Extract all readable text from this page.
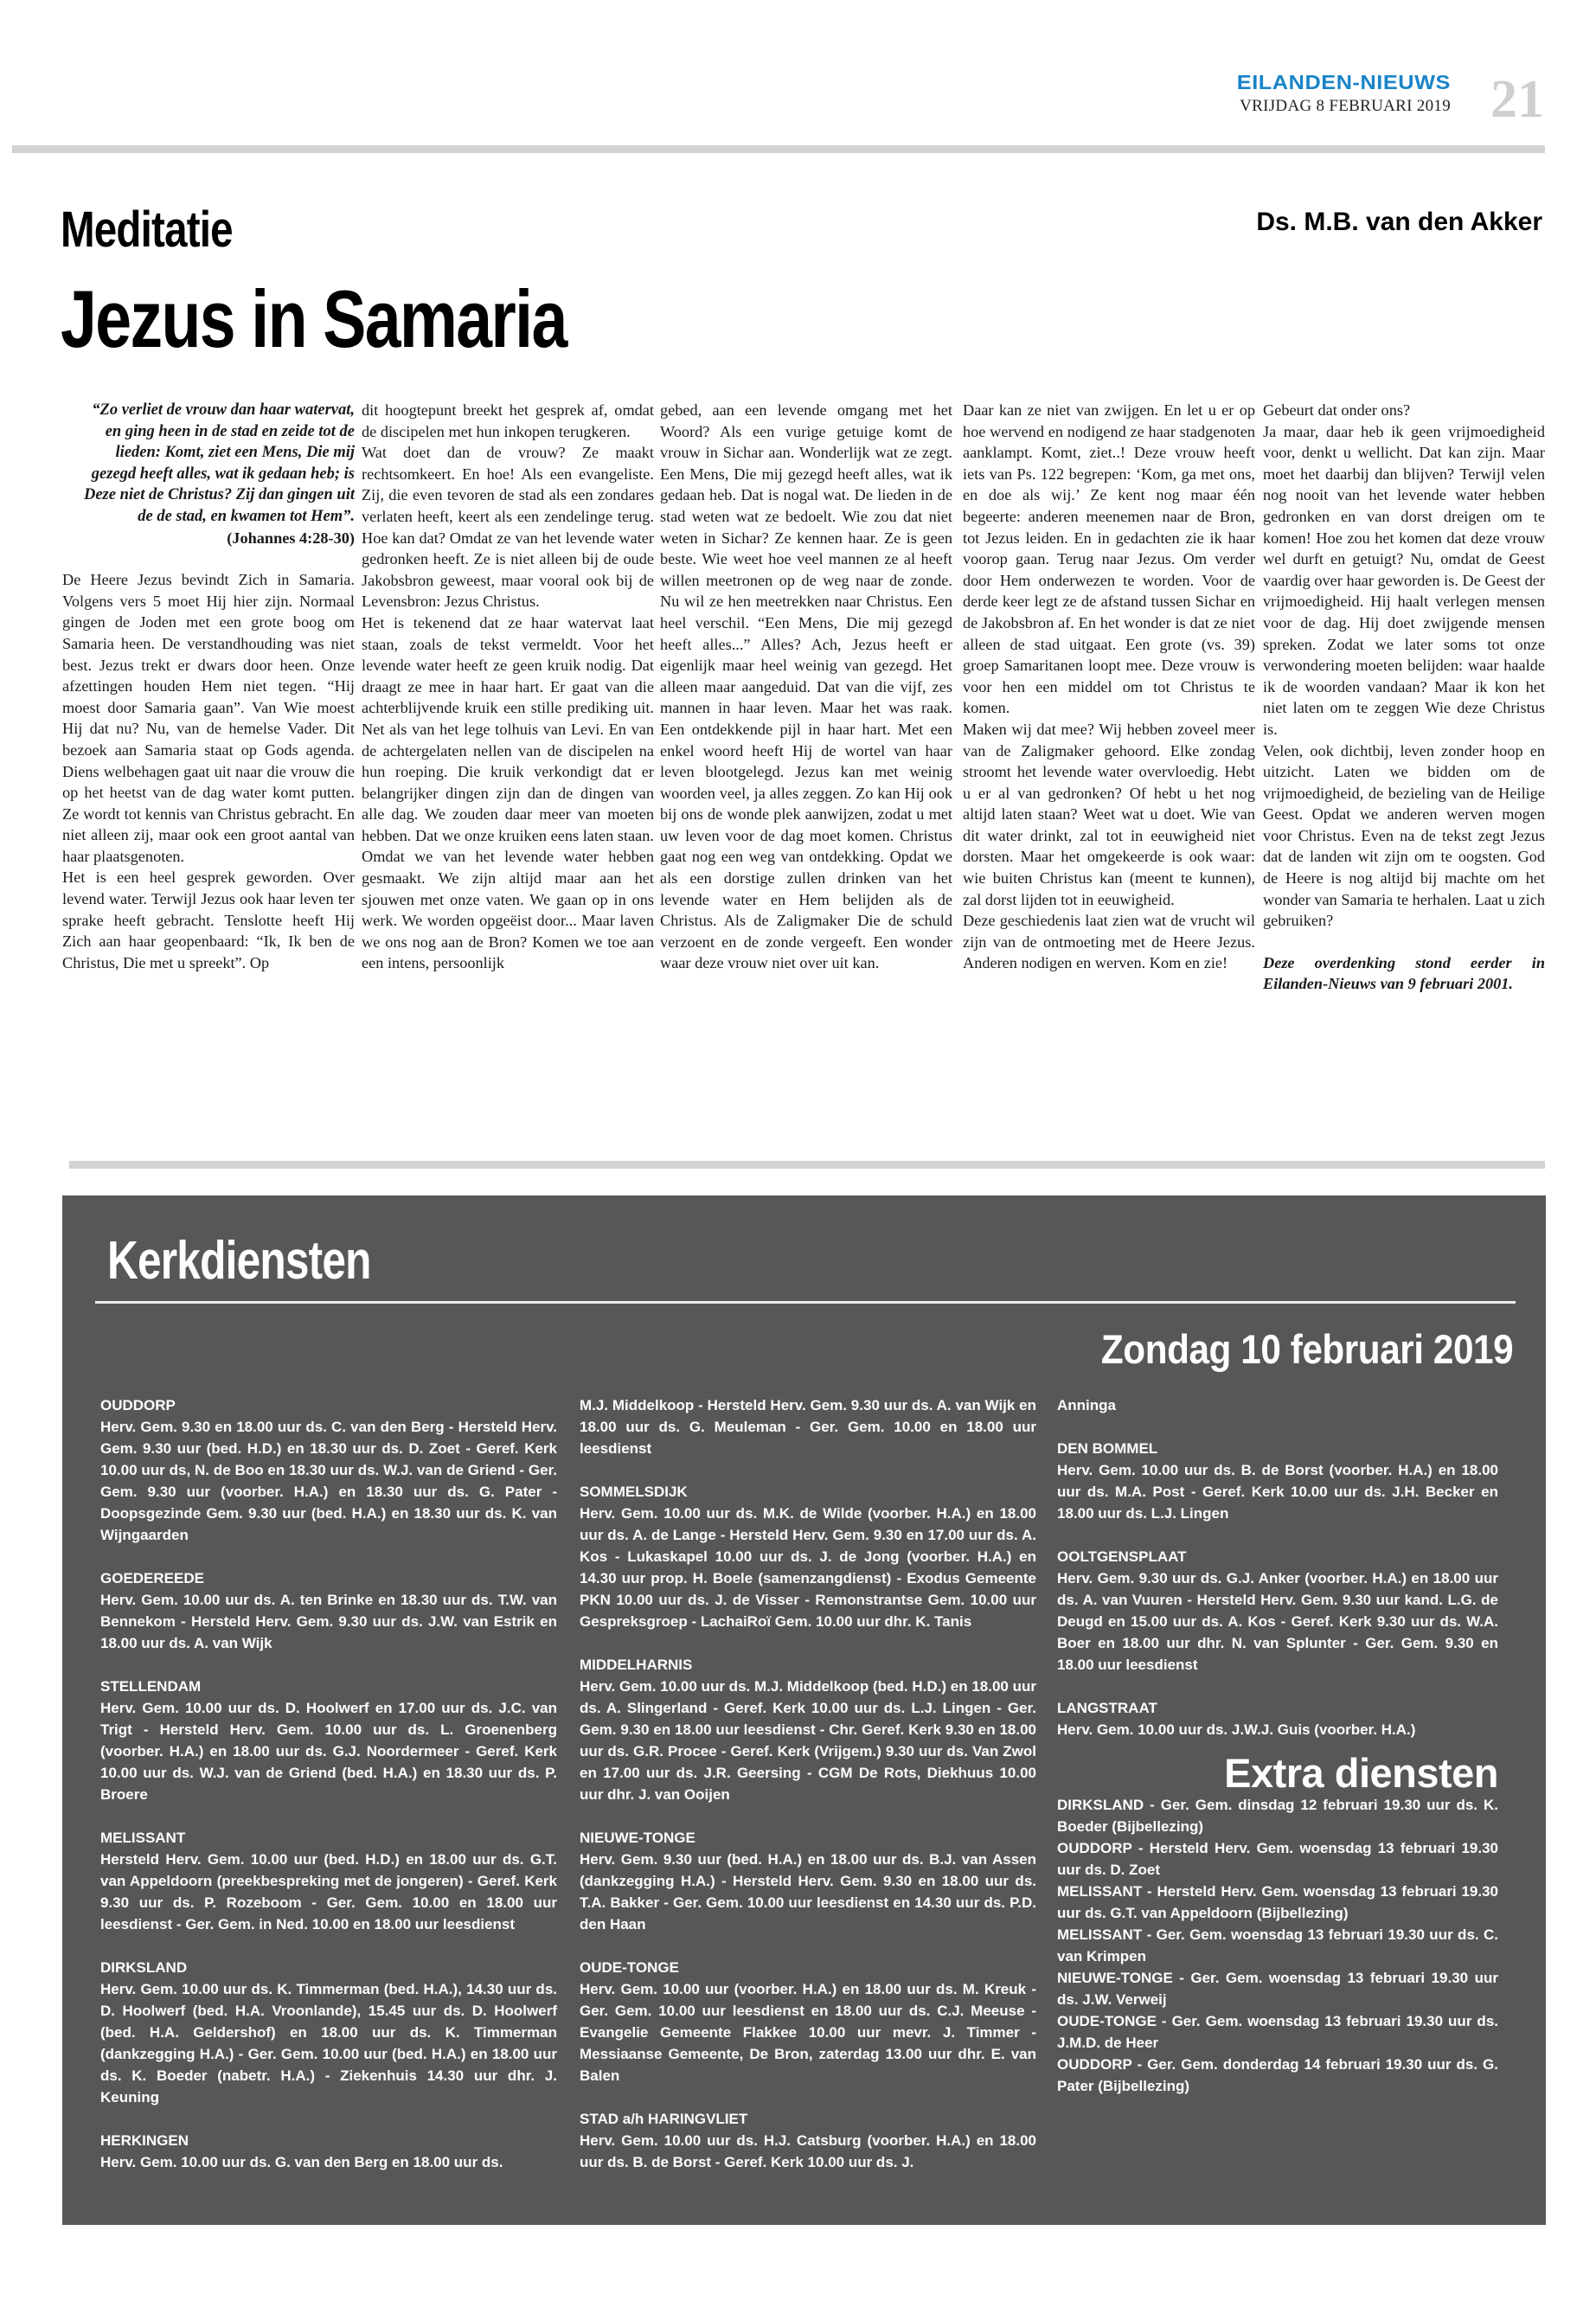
EILANDEN-NIEUWS
VRIJDAG 8 FEBRUARI 2019 21
Meditatie	Ds. M.B. van den Akker
Jezus in Samaria

“Zo verliet de vrouw dan haar watervat, en ging heen in de stad en zeide tot de lieden: Komt, ziet een Mens, Die mij gezegd heeft alles, wat ik gedaan heb; is Deze niet de Christus? Zij dan gingen uit de de stad, en kwamen tot Hem”.

(Johannes 4:28-30)

De Heere Jezus bevindt Zich in Samaria. Volgens vers 5 moet Hij hier zijn. Normaal gingen de Joden met een grote boog om Samaria heen. De verstandhouding was niet best. Jezus trekt er dwars door heen. Onze afzettingen houden Hem niet tegen. “Hij moest door Samaria gaan”. Van Wie moest Hij dat nu? Nu, van de hemelse Vader. Dit bezoek aan Samaria staat op Gods agenda. Diens welbehagen gaat uit naar die vrouw die op het heetst van de dag water komt putten. Ze wordt tot kennis van Christus gebracht. En niet alleen zij, maar ook een groot aantal van haar plaatsgenoten.

Het is een heel gesprek geworden. Over levend water. Terwijl Jezus ook haar leven ter sprake heeft gebracht. Tenslotte heeft Hij Zich aan haar geopenbaard: “Ik, Ik ben de Christus, Die met u spreekt”. Op

dit hoogtepunt breekt het gesprek af, omdat de discipelen met hun inkopen terugkeren.

Wat doet dan de vrouw? Ze maakt rechtsomkeert. En hoe! Als een evangeliste. Zij, die even tevoren de stad als een zondares verlaten heeft, keert als een zendelinge terug. Hoe kan dat? Omdat ze van het levende water gedronken heeft. Ze is niet alleen bij de oude Jakobsbron geweest, maar vooral ook bij de Levensbron: Jezus Christus.

Het is tekenend dat ze haar watervat laat staan, zoals de tekst vermeldt. Voor het levende water heeft ze geen kruik nodig. Dat draagt ze mee in haar hart. Er gaat van die achterblijvende kruik een stille prediking uit. Net als van het lege tolhuis van Levi. En van de achtergelaten nellen van de discipelen na hun roeping. Die kruik verkondigt dat er belangrijker dingen zijn dan de dingen van alle dag. We zouden daar meer van moeten hebben. Dat we onze kruiken eens laten staan. Omdat we van het levende water hebben gesmaakt. We zijn altijd maar aan het sjouwen met onze vaten. We gaan op in ons werk. We worden opgeëist door... Maar laven we ons nog aan de Bron? Komen we toe aan een intens, persoonlijk

gebed, aan een levende omgang met het Woord? Als een vurige getuige komt de vrouw in Sichar aan. Wonderlijk wat ze zegt. Een Mens, Die mij gezegd heeft alles, wat ik gedaan heb. Dat is nogal wat. De lieden in de stad weten wat ze bedoelt. Wie zou dat niet weten in Sichar? Ze kennen haar. Ze is geen beste. Wie weet hoe veel mannen ze al heeft willen meetronen op de weg naar de zonde. Nu wil ze hen meetrekken naar Christus. Een heel verschil. “Een Mens, Die mij gezegd heeft alles...” Alles? Ach, Jezus heeft er eigenlijk maar heel weinig van gezegd. Het alleen maar aangeduid. Dat van die vijf, zes mannen in haar leven. Maar het was raak. Een ontdekkende pijl in haar hart. Met een enkel woord heeft Hij de wortel van haar leven blootgelegd. Jezus kan met weinig woorden veel, ja alles zeggen. Zo kan Hij ook bij ons de wonde plek aanwijzen, zodat u met uw leven voor de dag moet komen. Christus gaat nog een weg van ontdekking. Opdat we als een dorstige zullen drinken van het levende water en Hem belijden als de Christus. Als de Zaligmaker Die de schuld verzoent en de zonde vergeeft. Een wonder waar deze vrouw niet over uit kan.

Daar kan ze niet van zwijgen. En let u er op hoe wervend en nodigend ze haar stadgenoten aanklampt. Komt, ziet..! Deze vrouw heeft iets van Ps. 122 begrepen: ‘Kom, ga met ons, en doe als wij.’ Ze kent nog maar één begeerte: anderen meenemen naar de Bron, tot Jezus leiden. En in gedachten zie ik haar voorop gaan. Terug naar Jezus. Om verder door Hem onderwezen te worden. Voor de derde keer legt ze de afstand tussen Sichar en de Jakobsbron af. En het wonder is dat ze niet alleen de stad uitgaat. Een grote (vs. 39) groep Samaritanen loopt mee. Deze vrouw is voor hen een middel om tot Christus te komen.

Maken wij dat mee? Wij hebben zoveel meer van de Zaligmaker gehoord. Elke zondag stroomt het levende water overvloedig. Hebt u er al van gedronken? Of hebt u het nog altijd laten staan? Weet wat u doet. Wie van dit water drinkt, zal tot in eeuwigheid niet dorsten. Maar het omgekeerde is ook waar: wie buiten Christus kan (meent te kunnen), zal dorst lijden tot in eeuwigheid.

Deze geschiedenis laat zien wat de vrucht wil zijn van de ontmoeting met de Heere Jezus. Anderen nodigen en werven. Kom en zie!

Gebeurt dat onder ons?

Ja maar, daar heb ik geen vrijmoedigheid voor, denkt u wellicht. Dat kan zijn. Maar moet het daarbij dan blijven? Terwijl velen nog nooit van het levende water hebben gedronken en van dorst dreigen om te komen! Hoe zou het komen dat deze vrouw wel durft en getuigt? Nu, omdat de Geest vaardig over haar geworden is. De Geest der vrijmoedigheid. Hij haalt verlegen mensen voor de dag. Hij doet zwijgende mensen spreken. Zodat we later soms tot onze verwondering moeten belijden: waar haalde ik de woorden vandaan? Maar ik kon het niet laten om te zeggen Wie deze Christus is.

Velen, ook dichtbij, leven zonder hoop en uitzicht. Laten we bidden om de vrijmoedigheid, de bezieling van de Heilige Geest. Opdat we anderen werven mogen voor Christus. Even na de tekst zegt Jezus dat de landen wit zijn om te oogsten. God de Heere is nog altijd bij machte om het wonder van Samaria te herhalen. Laat u zich gebruiken?

Deze overdenking stond eerder in Eilanden-Nieuws van 9 februari 2001.

Kerkdiensten
Zondag 10 februari 2019
OUDDORP
Herv. Gem. 9.30 en 18.00 uur ds. C. van den Berg - Hersteld Herv. Gem. 9.30 uur (bed. H.D.) en 18.30 uur ds. D. Zoet - Geref. Kerk 10.00 uur ds, N. de Boo en 18.30 uur ds. W.J. van de Griend - Ger. Gem. 9.30 uur (voorber. H.A.) en 18.30 uur ds. G. Pater - Doopsgezinde Gem. 9.30 uur (bed. H.A.) en 18.30 uur ds. K. van Wijngaarden
GOEDEREEDE
Herv. Gem. 10.00 uur ds. A. ten Brinke en 18.30 uur ds. T.W. van Bennekom - Hersteld Herv. Gem. 9.30 uur ds. J.W. van Estrik en 18.00 uur ds. A. van Wijk
STELLENDAM
Herv. Gem. 10.00 uur ds. D. Hoolwerf en 17.00 uur ds. J.C. van Trigt - Hersteld Herv. Gem. 10.00 uur ds. L. Groenenberg (voorber. H.A.) en 18.00 uur ds. G.J. Noordermeer - Geref. Kerk 10.00 uur ds. W.J. van de Griend (bed. H.A.) en 18.30 uur ds. P. Broere
MELISSANT
Hersteld Herv. Gem. 10.00 uur (bed. H.D.) en 18.00 uur ds. G.T. van Appeldoorn (preekbespreking met de jongeren) - Geref. Kerk 9.30 uur ds. P. Rozeboom - Ger. Gem. 10.00 en 18.00 uur leesdienst - Ger. Gem. in Ned. 10.00 en 18.00 uur leesdienst
DIRKSLAND
Herv. Gem. 10.00 uur ds. K. Timmerman (bed. H.A.), 14.30 uur ds. D. Hoolwerf (bed. H.A. Vroonlande), 15.45 uur ds. D. Hoolwerf (bed. H.A. Geldershof) en 18.00 uur ds. K. Timmerman (dankzegging H.A.) - Ger. Gem. 10.00 uur (bed. H.A.) en 18.00 uur ds. K. Boeder (nabetr. H.A.) - Ziekenhuis 14.30 uur dhr. J. Keuning
HERKINGEN
Herv. Gem. 10.00 uur ds. G. van den Berg en 18.00 uur ds.
M.J. Middelkoop - Hersteld Herv. Gem. 9.30 uur ds. A. van Wijk en 18.00 uur ds. G. Meuleman - Ger. Gem. 10.00 en 18.00 uur leesdienst
SOMMELSDIJK
Herv. Gem. 10.00 uur ds. M.K. de Wilde (voorber. H.A.) en 18.00 uur ds. A. de Lange - Hersteld Herv. Gem. 9.30 en 17.00 uur ds. A. Kos - Lukaskapel 10.00 uur ds. J. de Jong (voorber. H.A.) en 14.30 uur prop. H. Boele (samenzangdienst) - Exodus Gemeente PKN 10.00 uur ds. J. de Visser - Remonstrantse Gem. 10.00 uur Gespreksgroep - LachaiRoï Gem. 10.00 uur dhr. K. Tanis
MIDDELHARNIS
Herv. Gem. 10.00 uur ds. M.J. Middelkoop (bed. H.D.) en 18.00 uur ds. A. Slingerland - Geref. Kerk 10.00 uur ds. L.J. Lingen - Ger. Gem. 9.30 en 18.00 uur leesdienst - Chr. Geref. Kerk 9.30 en 18.00 uur ds. G.R. Procee - Geref. Kerk (Vrijgem.) 9.30 uur ds. Van Zwol en 17.00 uur ds. J.R. Geersing - CGM De Rots, Diekhuus 10.00 uur dhr. J. van Ooijen
NIEUWE-TONGE
Herv. Gem. 9.30 uur (bed. H.A.) en 18.00 uur ds. B.J. van Assen (dankzegging H.A.) - Hersteld Herv. Gem. 9.30 en 18.00 uur ds. T.A. Bakker - Ger. Gem. 10.00 uur leesdienst en 14.30 uur ds. P.D. den Haan
OUDE-TONGE
Herv. Gem. 10.00 uur (voorber. H.A.) en 18.00 uur ds. M. Kreuk - Ger. Gem. 10.00 uur leesdienst en 18.00 uur ds. C.J. Meeuse - Evangelie Gemeente Flakkee 10.00 uur mevr. J. Timmer - Messiaanse Gemeente, De Bron, zaterdag 13.00 uur dhr. E. van Balen
STAD a/h HARINGVLIET
Herv. Gem. 10.00 uur ds. H.J. Catsburg (voorber. H.A.) en 18.00 uur ds. B. de Borst - Geref. Kerk 10.00 uur ds. J.
Anninga
DEN BOMMEL
Herv. Gem. 10.00 uur ds. B. de Borst (voorber. H.A.) en 18.00 uur ds. M.A. Post - Geref. Kerk 10.00 uur ds. J.H. Becker en 18.00 uur ds. L.J. Lingen
OOLTGENSPLAAT
Herv. Gem. 9.30 uur ds. G.J. Anker (voorber. H.A.) en 18.00 uur ds. A. van Vuuren - Hersteld Herv. Gem. 9.30 uur kand. L.G. de Deugd en 15.00 uur ds. A. Kos - Geref. Kerk 9.30 uur ds. W.A. Boer en 18.00 uur dhr. N. van Splunter - Ger. Gem. 9.30 en 18.00 uur leesdienst
LANGSTRAAT
Herv. Gem. 10.00 uur ds. J.W.J. Guis (voorber. H.A.)
Extra diensten

DIRKSLAND - Ger. Gem. dinsdag 12 februari 19.30 uur ds. K. Boeder (Bijbellezing)

OUDDORP - Hersteld Herv. Gem. woensdag 13 februari 19.30 uur ds. D. Zoet

MELISSANT - Hersteld Herv. Gem. woensdag 13 februari 19.30 uur ds. G.T. van Appeldoorn (Bijbellezing)

MELISSANT - Ger. Gem. woensdag 13 februari 19.30 uur ds. C. van Krimpen

NIEUWE-TONGE - Ger. Gem. woensdag 13 februari 19.30 uur ds. J.W. Verweij

OUDE-TONGE - Ger. Gem. woensdag 13 februari 19.30 uur ds. J.M.D. de Heer

OUDDORP - Ger. Gem. donderdag 14 februari 19.30 uur ds. G. Pater (Bijbellezing)
